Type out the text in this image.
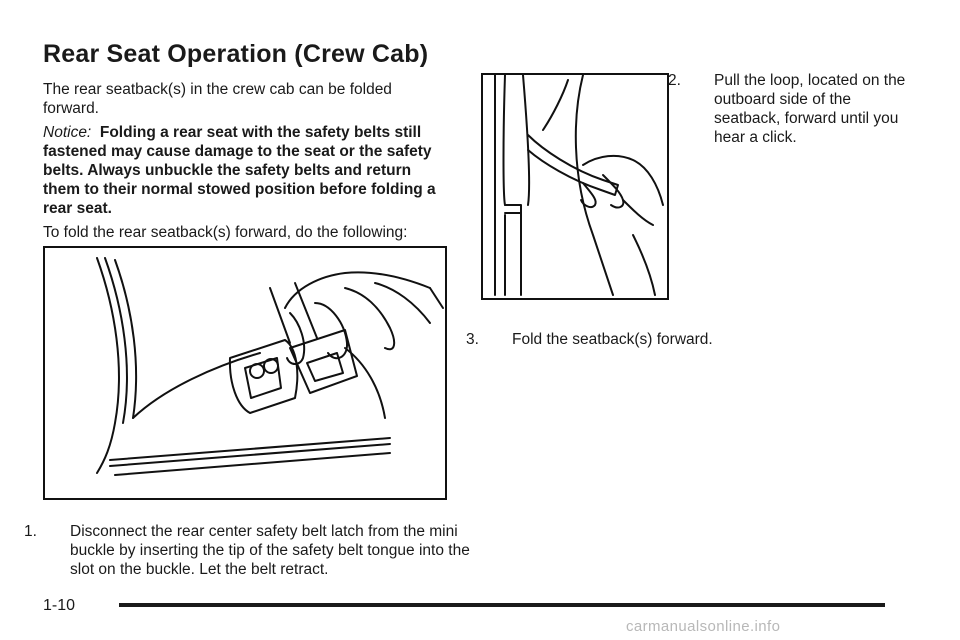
Rear Seat Operation (Crew Cab)

The rear seatback(s) in the crew cab can be folded forward.

Notice: Folding a rear seat with the safety belts still fastened may cause damage to the seat or the safety belts. Always unbuckle the safety belts and return them to their normal stowed position before folding a rear seat.

To fold the rear seatback(s) forward, do the following:

1. Disconnect the rear center safety belt latch from the mini buckle by inserting the tip of the safety belt tongue into the slot on the buckle. Let the belt retract.

2. Pull the loop, located on the outboard side of the seatback, forward until you hear a click.

3. Fold the seatback(s) forward.

1-10
carmanualsonline.info
